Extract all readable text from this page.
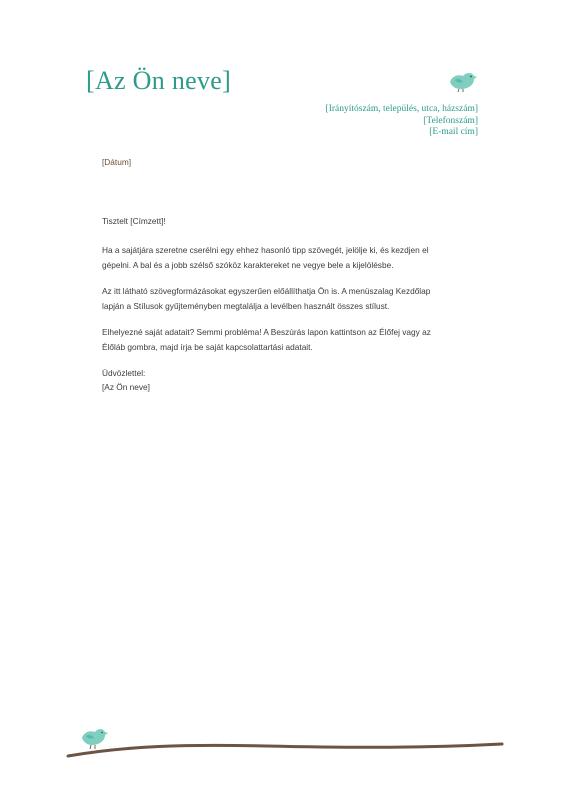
[Az Ön neve]
[Irányítószám, település, utca, házszám]
[Telefonszám]
[E-mail cím]
[Dátum]
Tisztelt [Címzett]!

Ha a sajátjára szeretne cserélni egy ehhez hasonló tipp szövegét, jelölje ki, és kezdjen el gépelni. A bal és a jobb szélső szóköz karaktereket ne vegye bele a kijelölésbe.

Az itt látható szövegformázásokat egyszerűen előállíthatja Ön is. A menüszalag Kezdőlap lapján a Stílusok gyűjteményben megtalálja a levélben használt összes stílust.

Elhelyezné saját adatait? Semmi probléma! A Beszúrás lapon kattintson az Élőfej vagy az Élőláb gombra, majd írja be saját kapcsolattartási adatait.

Üdvözlettel:
[Az Ön neve]
